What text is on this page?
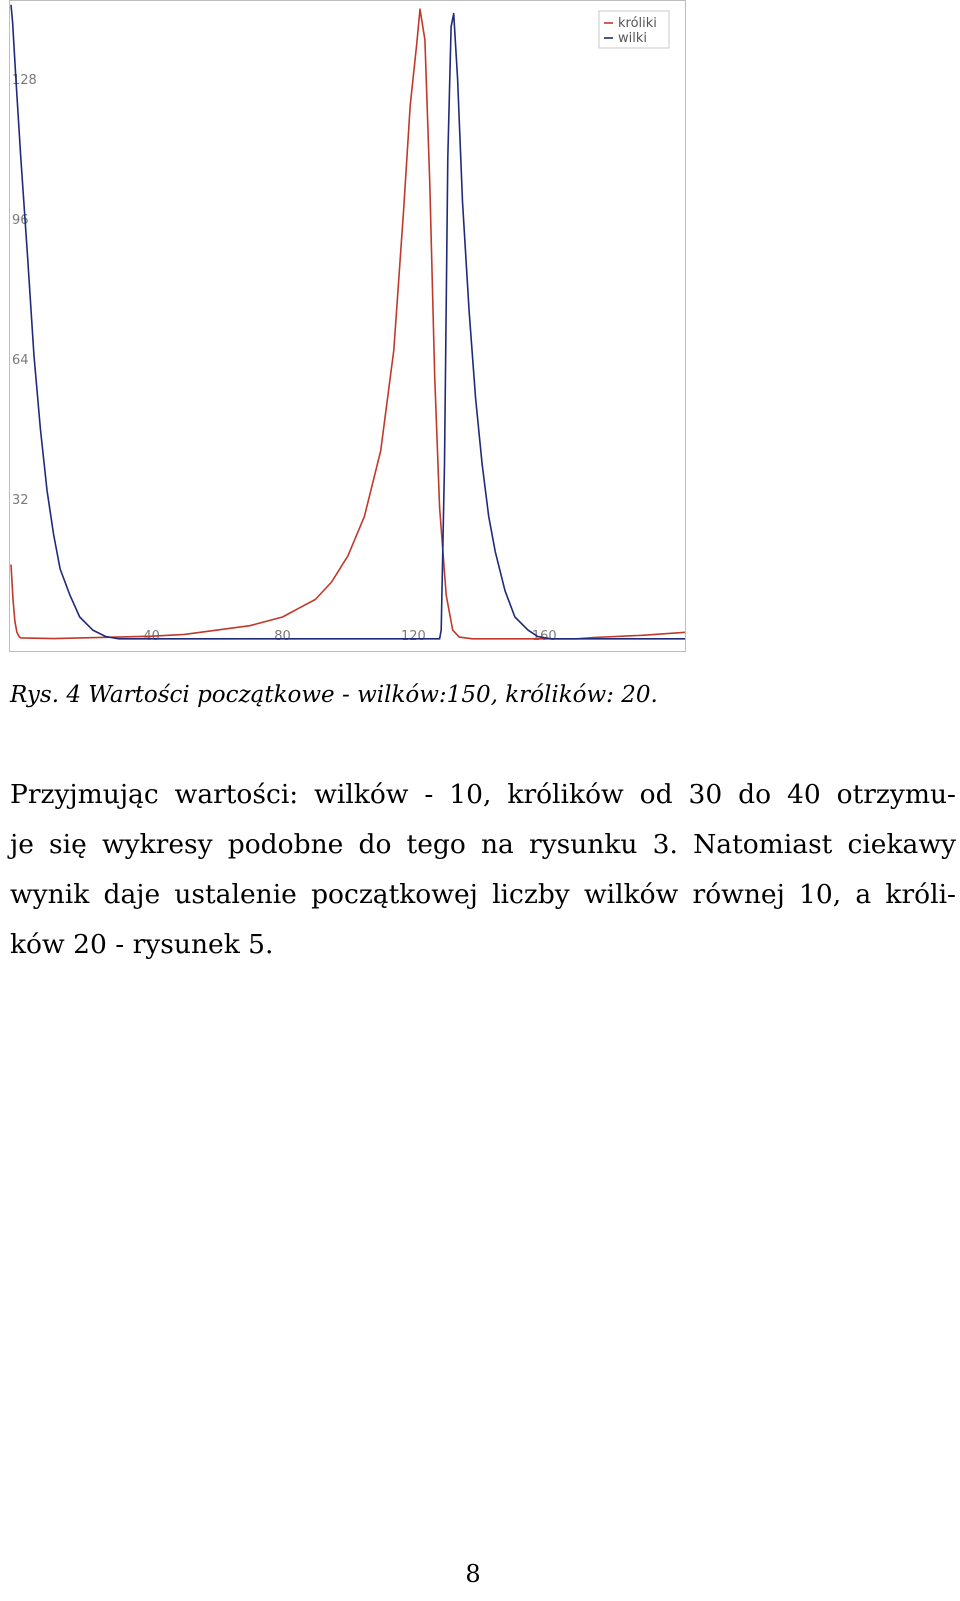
32
64
96
128
40	80	120	160
króliki
wilki

Rys. 4 Wartości początkowe - wilków:150, królików: 20.

Przyjmując wartości: wilków - 10, królików od 30 do 40 otrzymu-
je się wykresy podobne do tego na rysunku 3. Natomiast ciekawy
wynik daje ustalenie początkowej liczby wilków równej 10, a króli-
ków 20 - rysunek 5.

8
